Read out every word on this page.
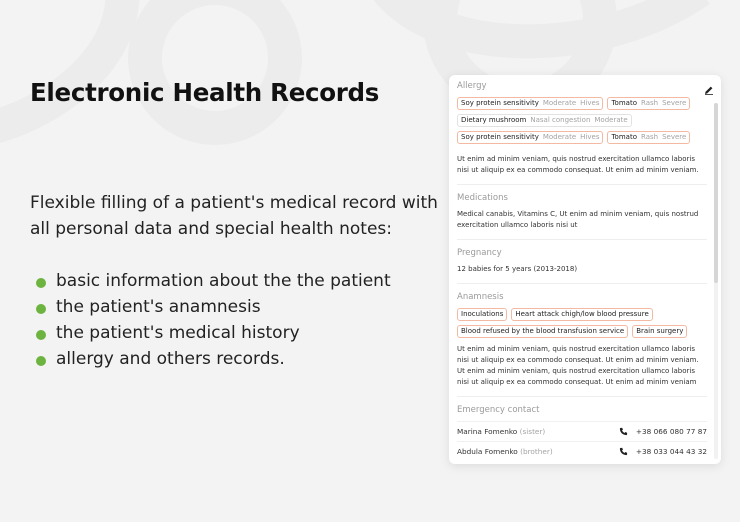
Electronic Health Records

Flexible filling of a patient's medical record with all personal data and special health notes:

basic information about the the patient
the patient's anamnesis
the patient's medical history
allergy and others records.
Allergy
Soy protein sensitivity Moderate Hives Tomato Rash Severe
Dietary mushroom Nasal congestion Moderate
Soy protein sensitivity Moderate Hives Tomato Rash Severe

Ut enim ad minim veniam, quis nostrud exercitation ullamco laboris nisi ut aliquip ex ea commodo consequat. Ut enim ad minim veniam.

Medications

Medical canabis, Vitamins C, Ut enim ad minim veniam, quis nostrud exercitation ullamco laboris nisi ut

Pregnancy

12 babies for 5 years (2013-2018)

Anamnesis
Inoculations	Heart attack chigh/low blood pressure
Blood refused by the blood transfusion service	Brain surgery

Ut enim ad minim veniam, quis nostrud exercitation ullamco laboris nisi ut aliquip ex ea commodo consequat. Ut enim ad minim veniam. Ut enim ad minim veniam, quis nostrud exercitation ullamco laboris nisi ut aliquip ex ea commodo consequat. Ut enim ad minim veniam

Emergency contact
Marina Fomenko (sister)	+38 066 080 77 87
Abdula Fomenko (brother)	+38 033 044 43 32
